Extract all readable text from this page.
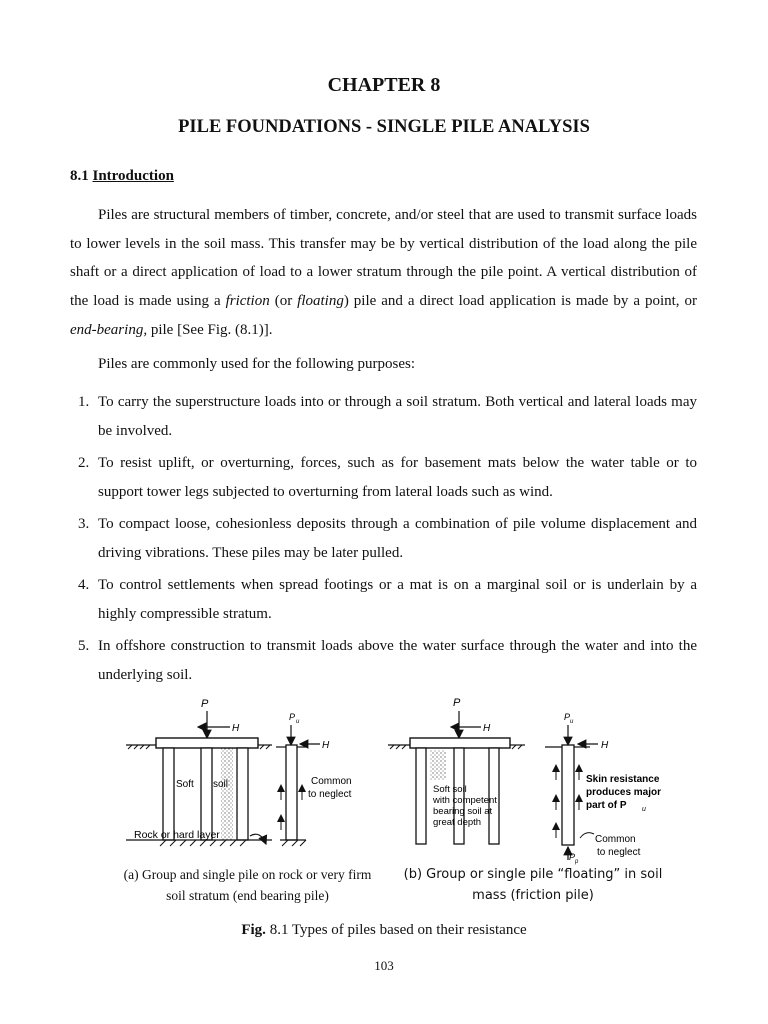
CHAPTER 8
PILE FOUNDATIONS - SINGLE PILE ANALYSIS
8.1 Introduction
Piles are structural members of timber, concrete, and/or steel that are used to transmit surface loads to lower levels in the soil mass. This transfer may be by vertical distribution of the load along the pile shaft or a direct application of load to a lower stratum through the pile point. A vertical distribution of the load is made using a friction (or floating) pile and a direct load application is made by a point, or end-bearing, pile [See Fig. (8.1)].
Piles are commonly used for the following purposes:
1. To carry the superstructure loads into or through a soil stratum. Both vertical and lateral loads may be involved.
2. To resist uplift, or overturning, forces, such as for basement mats below the water table or to support tower legs subjected to overturning from lateral loads such as wind.
3. To compact loose, cohesionless deposits through a combination of pile volume displacement and driving vibrations. These piles may be later pulled.
4. To control settlements when spread footings or a mat is on a marginal soil or is underlain by a highly compressible stratum.
5. In offshore construction to transmit loads above the water surface through the water and into the underlying soil.
P
H
Soft soil
Rock or hard layer
P u
H
Common
to neglect
P
H
Soft soil
with competent
bearing soil at
great depth
P u
H
Skin resistance
produces major
part of P u
Common
to neglect
P p
(a) Group and single pile on rock or very firm soil stratum (end bearing pile)
(b) Group or single pile “floating” in soil mass (friction pile)
Fig. 8.1 Types of piles based on their resistance
103
